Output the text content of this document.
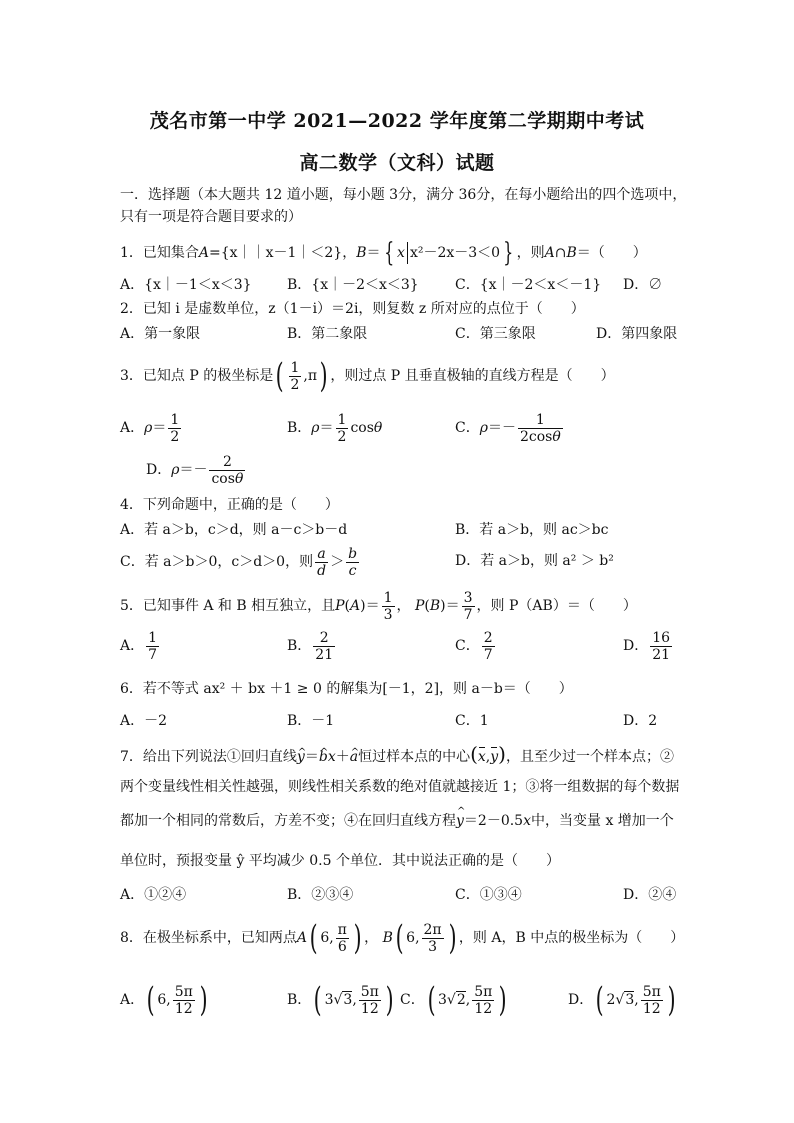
茂名市第一中学 2021—2022 学年度第二学期期中考试
高二数学（文科）试题
一．选择题（本大题共 12 道小题，每小题 3分，满分 36分，在每小题给出的四个选项中，
只有一项是符合题目要求的）
1．已知集合A={x｜｜x－1｜＜2}，B＝ { x x²－2x－3＜0 } ，则A∩B＝（　　）
A．{x｜－1＜x＜3}	B．{x｜－2＜x＜3}	C．{x｜－2＜x＜－1} D．∅
2．已知 i 是虚数单位，z（1－i）＝2i，则复数 z 所对应的点位于（　　）
A．第一象限	B．第二象限	C．第三象限	D．第四象限
3．已知点 P 的极坐标是( $\frac{1}{2} ,\pi$) ，则过点 P 且垂直极轴的直线方程是（　　）
A．$\rho= \frac{1}{2}$	B．$\rho= \frac{1}{2}$ cosθ	C．$\rho=- \frac{1}{2\cos\theta}$
D．$\rho=- \frac{2}{\cos\theta}$
4．下列命题中，正确的是（　　）
A．若 a＞b，c＞d，则 a－c＞b－d	B．若 a＞b，则 ac＞bc
C．若 a＞b＞0，c＞d＞0，则 $\frac{a}{d} > \frac{b}{c}$	D．若 a＞b，则 a² ＞ b²
5．已知事件 A 和 B 相互独立，且$P(A)= \frac{1}{3}$ ， $P(B)= \frac{3}{7}$ ，则 P（AB）＝（　　）
A． $\frac{1}{7}$	B． $\frac{2}{21}$	C． $\frac{2}{7}$	D． $\frac{16}{21}$
6．若不等式 ax² ＋ bx ＋1 ≥ 0 的解集为[－1，2]，则 a－b＝（　　）
A．－2	B．－1	C．1	D．2
7．给出下列说法①回归直线^ y＝^ bx＋^ a恒过样本点的中心(x,y)，且至少过一个样本点；②
两个变量线性相关性越强，则线性相关系数的绝对值就越接近 1；③将一组数据的每个数据
都加一个相同的常数后，方差不变；④在回归直线方程^ y＝2－0.5x中，当变量 x 增加一个
单位时，预报变量 ŷ 平均减少 0.5 个单位．其中说法正确的是（　　）
A．①②④	B．②③④	C．①③④	D．②④
8．在极坐标系中，已知两点A( 6, $\frac{\pi}{6}$ ) ， B( 6, $\frac{2\pi}{3}$ ) ，则 A，B 中点的极坐标为（　　）
A．( 6, $\frac{5\pi}{12}$ )	B．( 3√3, $\frac{5\pi}{12}$ ) C．( 3√2, $\frac{5\pi}{12}$ )	D．( 2√3, $\frac{5\pi}{12}$ )
